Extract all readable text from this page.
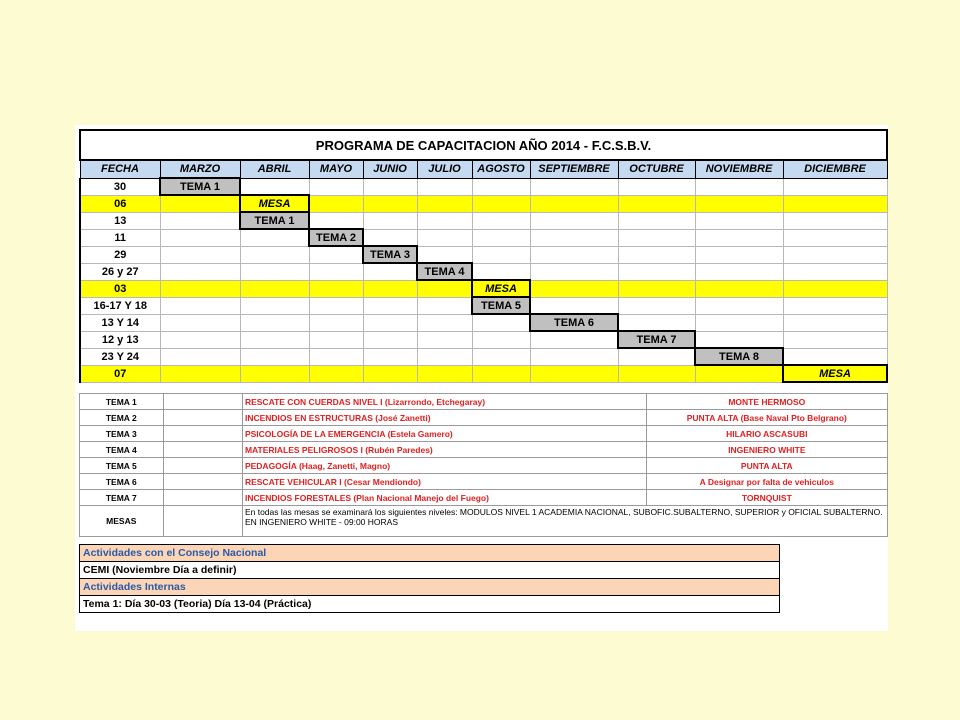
PROGRAMA DE CAPACITACION AÑO 2014 - F.C.S.B.V.										
FECHA	MARZO	ABRIL	MAYO	JUNIO	JULIO	AGOSTO	SEPTIEMBRE	OCTUBRE	NOVIEMBRE	DICIEMBRE
30	TEMA 1									
06		MESA								
13		TEMA 1								
11			TEMA 2							
29				TEMA 3						
26 y 27					TEMA 4					
03						MESA				
16-17 Y 18						TEMA 5				
13 Y 14							TEMA 6			
12 y 13								TEMA 7		
23 Y 24									TEMA 8	
07										MESA
TEMA 1		RESCATE CON CUERDAS NIVEL I (Lizarrondo, Etchegaray)	MONTE HERMOSO
TEMA 2		INCENDIOS EN ESTRUCTURAS (José Zanetti)	PUNTA ALTA (Base Naval Pto Belgrano)
TEMA 3		PSICOLOGÍA DE LA EMERGENCIA (Estela Gamero)	HILARIO ASCASUBI
TEMA 4		MATERIALES PELIGROSOS I (Rubén Paredes)	INGENIERO WHITE
TEMA 5		PEDAGOGÍA (Haag, Zanetti, Magno)	PUNTA ALTA
TEMA 6		RESCATE VEHICULAR I (Cesar Mendiondo)	A Designar por falta de vehiculos
TEMA 7		INCENDIOS FORESTALES (Plan Nacional Manejo del Fuego)	TORNQUIST
MESAS		En todas las mesas se examinará los siguientes niveles: MODULOS NIVEL 1 ACADEMIA NACIONAL, SUBOFIC.SUBALTERNO, SUPERIOR y OFICIAL SUBALTERNO. EN INGENIERO WHITE - 09:00 HORAS	
Actividades con el Consejo Nacional
CEMI (Noviembre Día a definir)
Actividades Internas
Tema 1: Día 30-03 (Teoria) Día 13-04 (Práctica)
